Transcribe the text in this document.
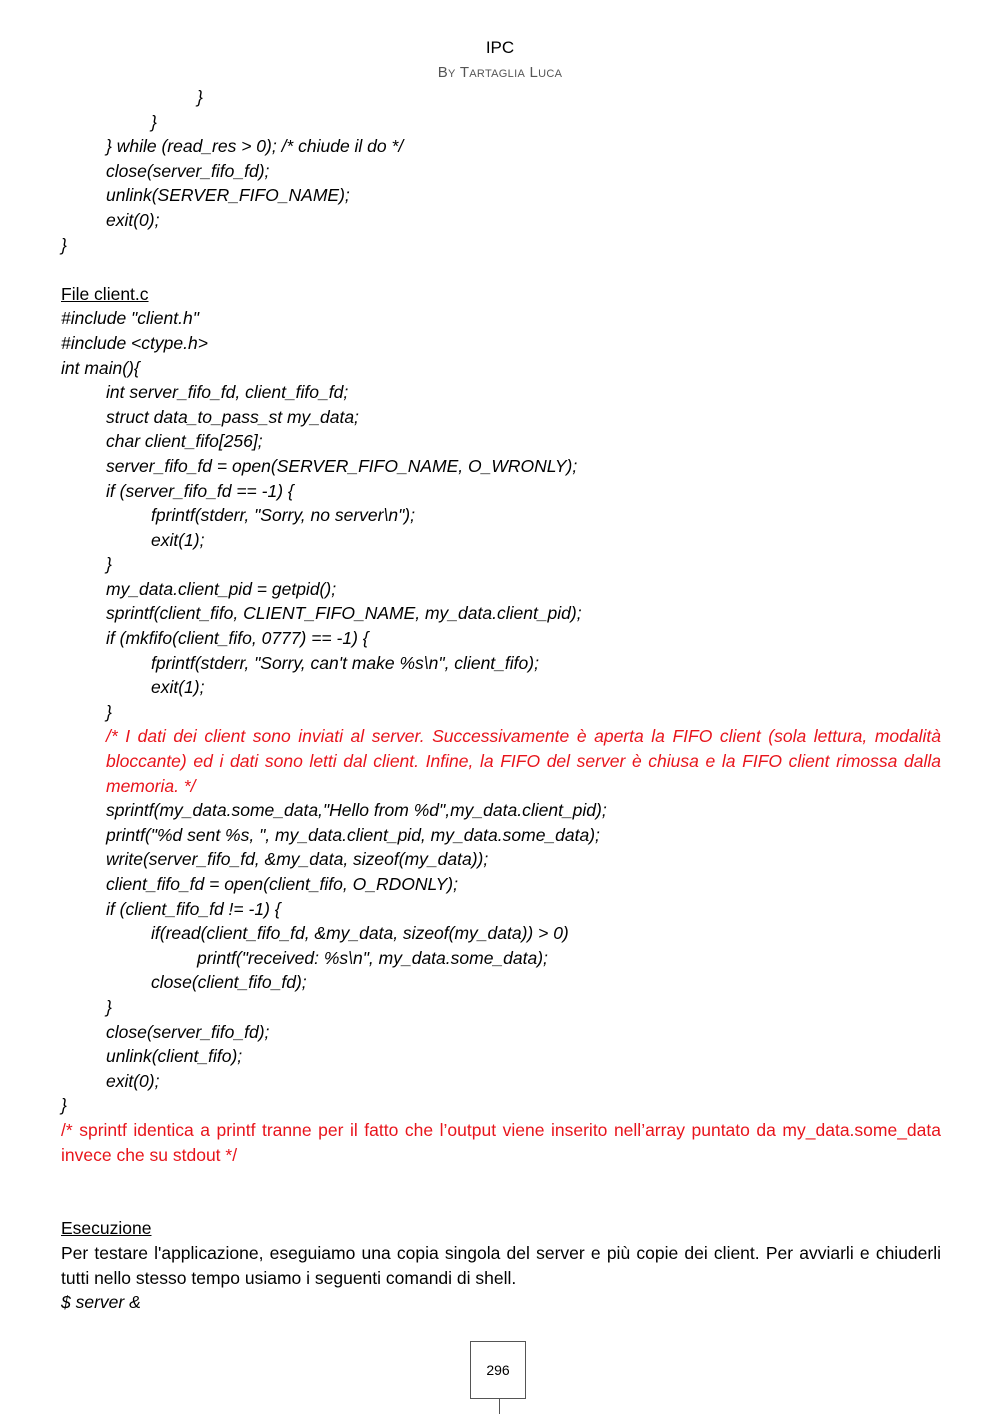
IPC
By Tartaglia Luca
}
}
} while (read_res > 0); /* chiude il do */
close(server_fifo_fd);
unlink(SERVER_FIFO_NAME);
exit(0);
}
File client.c
#include "client.h"
#include <ctype.h>
int main(){
int server_fifo_fd, client_fifo_fd;
struct data_to_pass_st my_data;
char client_fifo[256];
server_fifo_fd = open(SERVER_FIFO_NAME, O_WRONLY);
if (server_fifo_fd == -1) {
fprintf(stderr, "Sorry, no server\n");
exit(1);
}
my_data.client_pid = getpid();
sprintf(client_fifo, CLIENT_FIFO_NAME, my_data.client_pid);
if (mkfifo(client_fifo, 0777) == -1) {
fprintf(stderr, "Sorry, can't make %s\n", client_fifo);
exit(1);
}
/* I dati dei client sono inviati al server. Successivamente è aperta la FIFO client (sola lettura, modalità bloccante) ed i dati sono letti dal client. Infine, la FIFO del server è chiusa e la FIFO client rimossa dalla memoria. */
sprintf(my_data.some_data,"Hello from %d",my_data.client_pid);
printf("%d sent %s, ", my_data.client_pid, my_data.some_data);
write(server_fifo_fd, &my_data, sizeof(my_data));
client_fifo_fd = open(client_fifo, O_RDONLY);
if (client_fifo_fd != -1) {
if(read(client_fifo_fd, &my_data, sizeof(my_data)) > 0)
printf("received: %s\n", my_data.some_data);
close(client_fifo_fd);
}
close(server_fifo_fd);
unlink(client_fifo);
exit(0);
}
/* sprintf identica a printf tranne per il fatto che l’output viene inserito nell’array puntato da my_data.some_data invece che su stdout */
Esecuzione
Per testare l'applicazione, eseguiamo una copia singola del server e più copie dei client. Per avviarli e chiuderli tutti nello stesso tempo usiamo i seguenti comandi di shell.
$ server &
296
